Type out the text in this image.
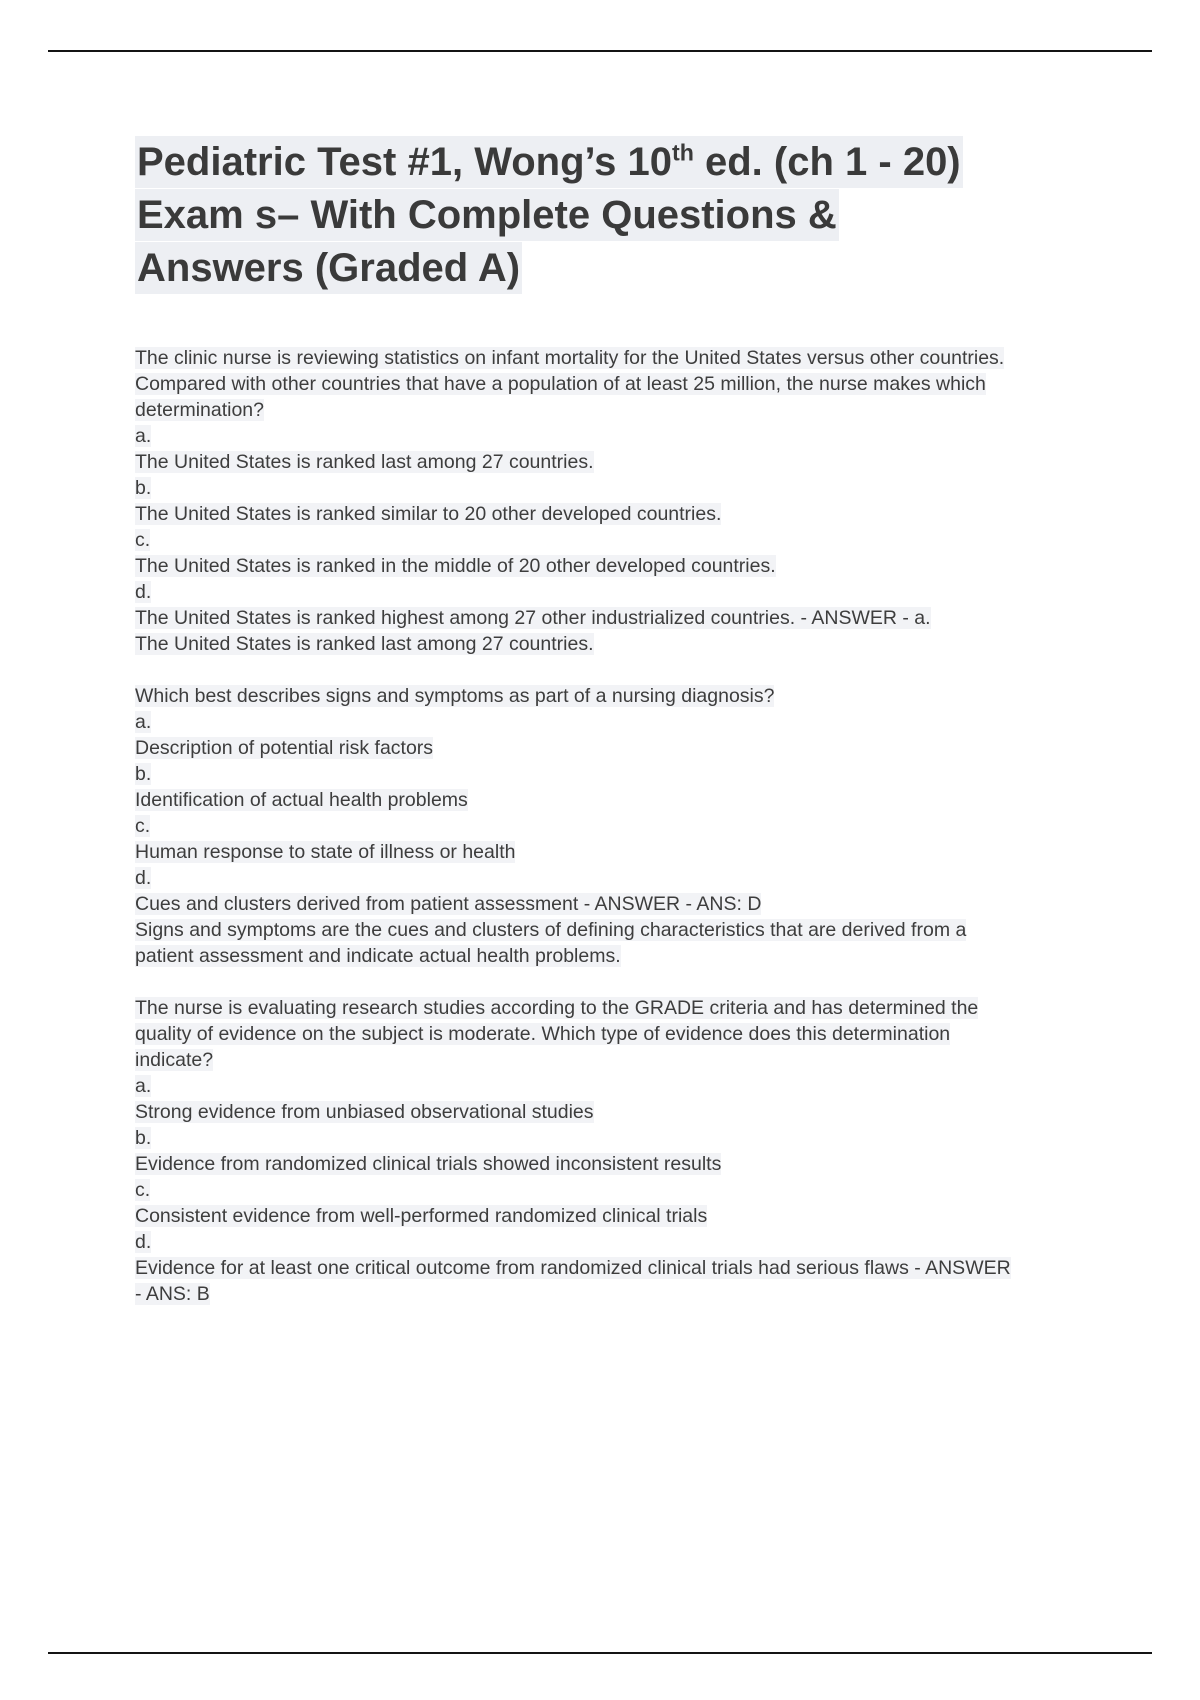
Pediatric Test #1, Wong’s 10th ed. (ch 1 - 20) Exam s– With Complete Questions & Answers (Graded A)

The clinic nurse is reviewing statistics on infant mortality for the United States versus other countries. Compared with other countries that have a population of at least 25 million, the nurse makes which determination?

a.

The United States is ranked last among 27 countries.

b.

The United States is ranked similar to 20 other developed countries.

c.

The United States is ranked in the middle of 20 other developed countries.

d.

The United States is ranked highest among 27 other industrialized countries. - ANSWER - a.

The United States is ranked last among 27 countries.

Which best describes signs and symptoms as part of a nursing diagnosis?

a.

Description of potential risk factors

b.

Identification of actual health problems

c.

Human response to state of illness or health

d.

Cues and clusters derived from patient assessment - ANSWER - ANS: D

Signs and symptoms are the cues and clusters of defining characteristics that are derived from a patient assessment and indicate actual health problems.

The nurse is evaluating research studies according to the GRADE criteria and has determined the quality of evidence on the subject is moderate. Which type of evidence does this determination indicate?

a.

Strong evidence from unbiased observational studies

b.

Evidence from randomized clinical trials showed inconsistent results

c.

Consistent evidence from well-performed randomized clinical trials

d.

Evidence for at least one critical outcome from randomized clinical trials had serious flaws - ANSWER - ANS: B
